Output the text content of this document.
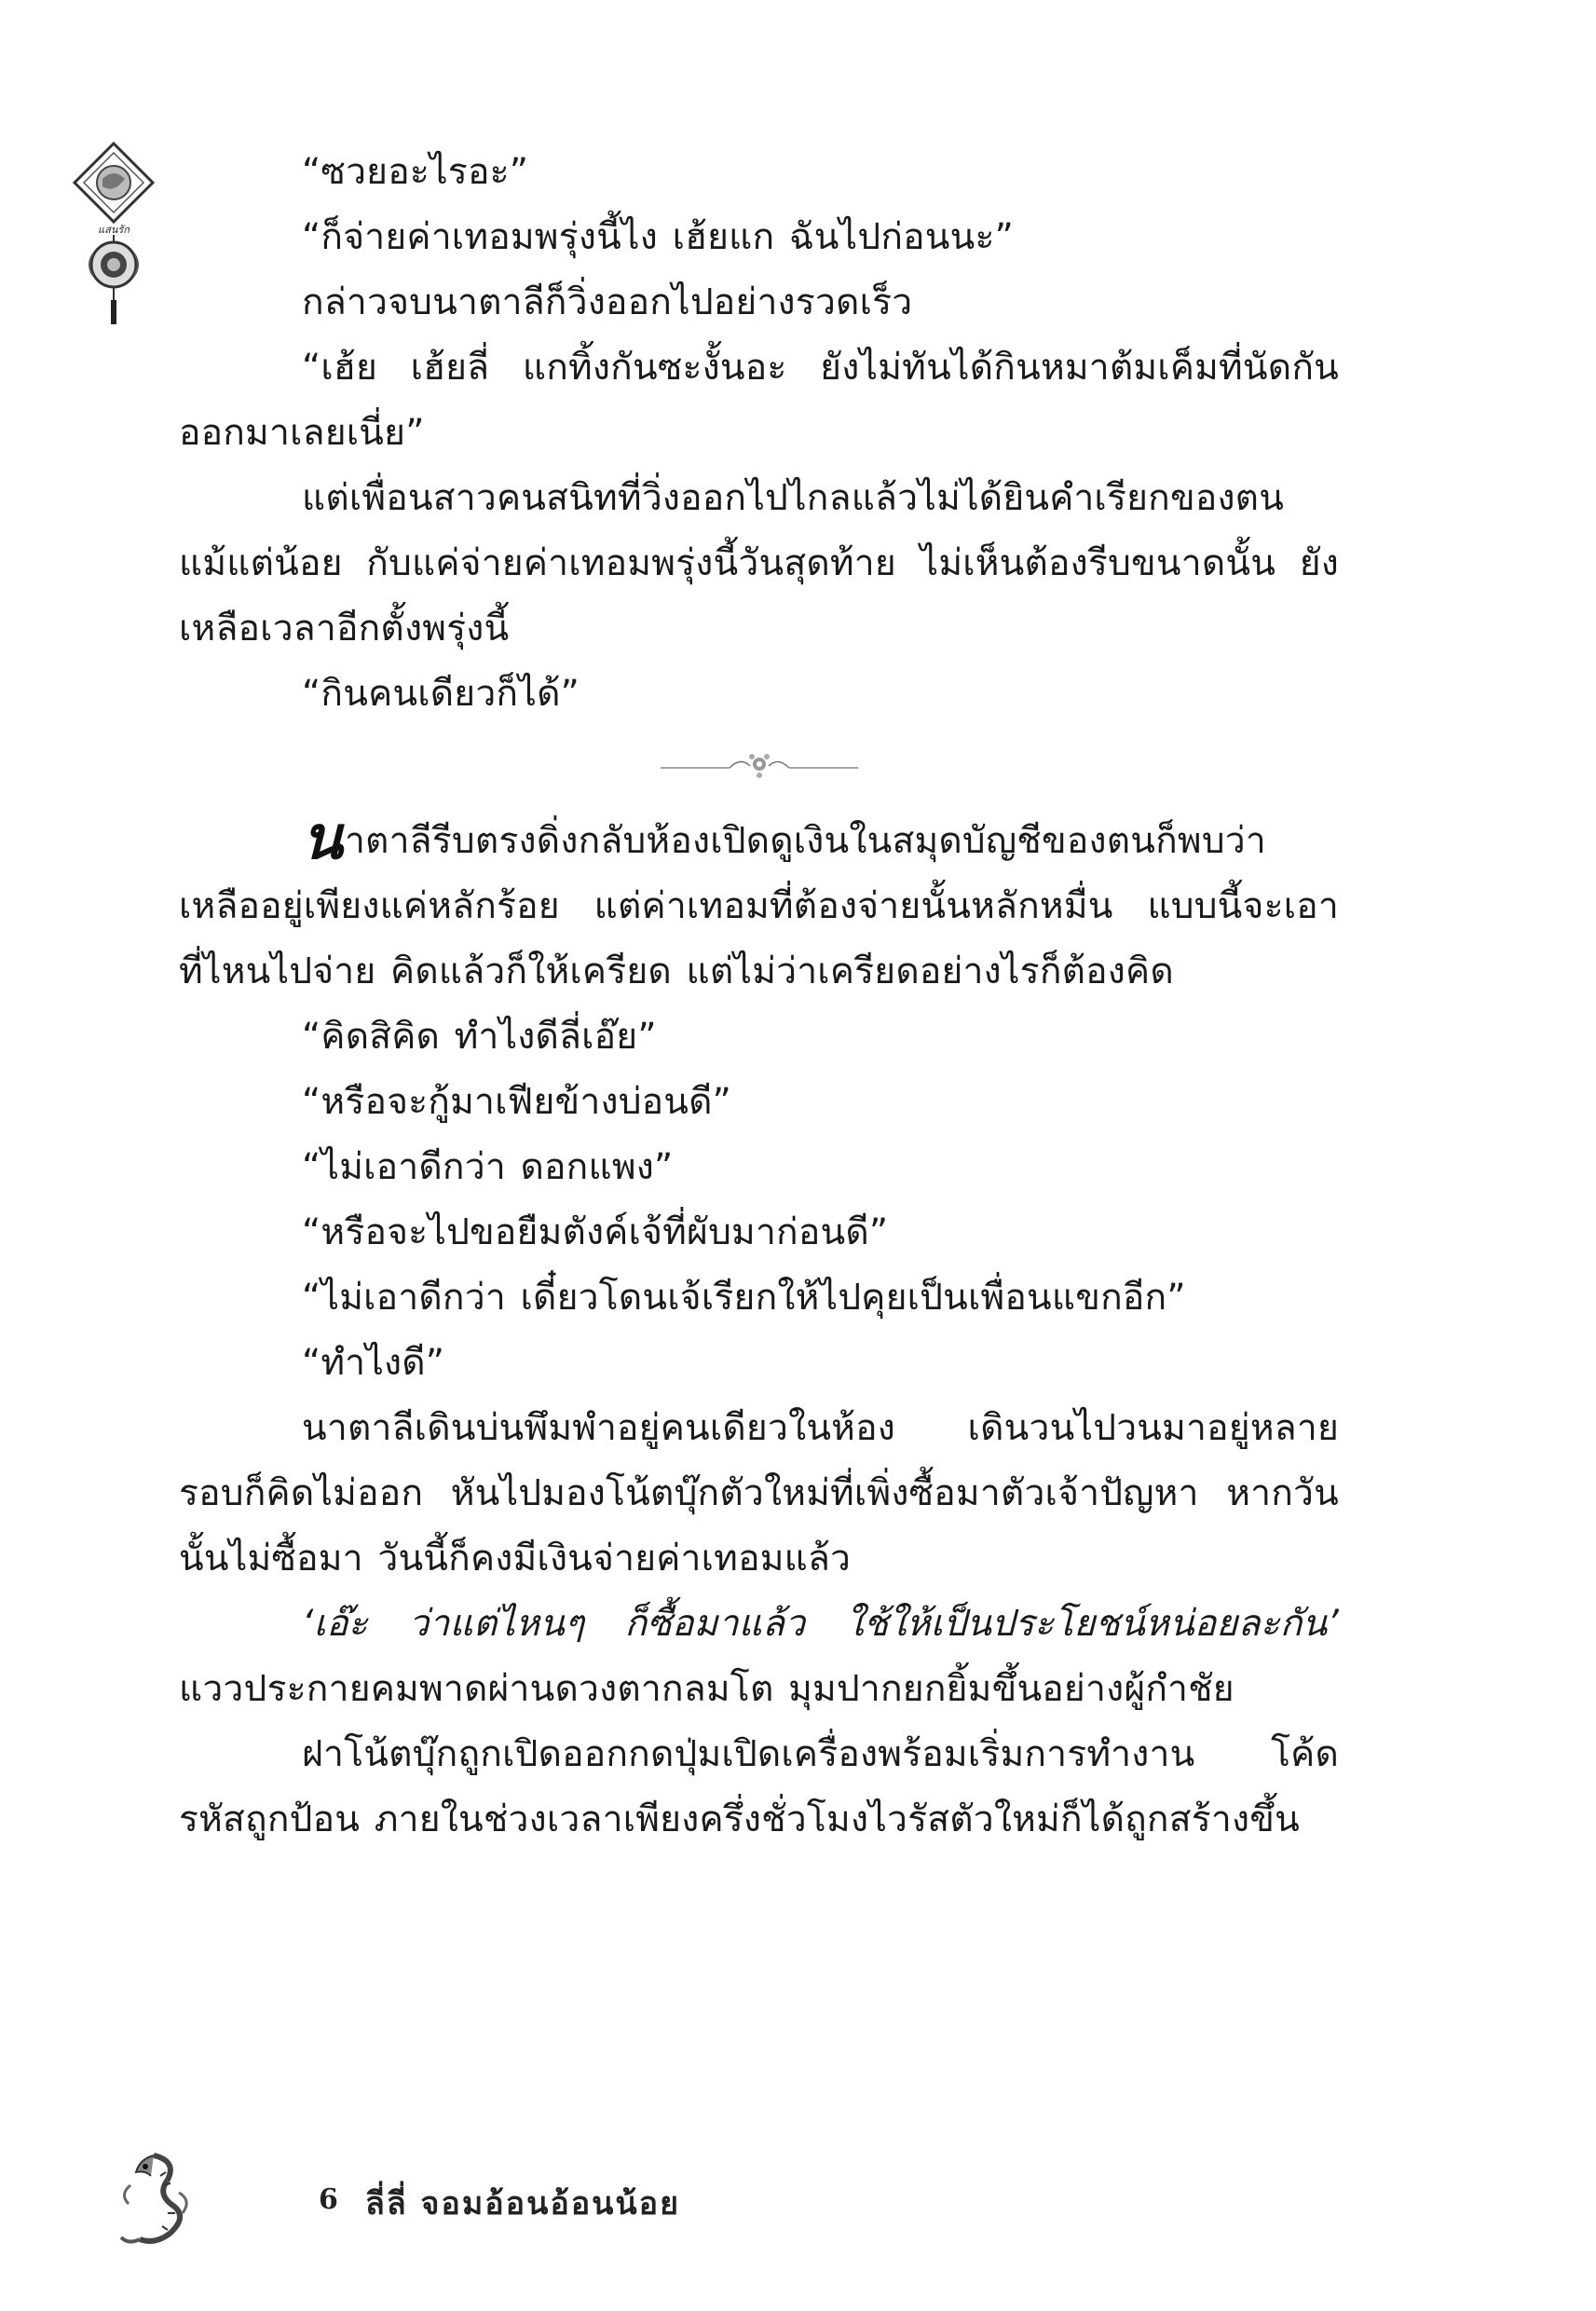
แสนรัก

“ซวยอะไรอะ”

“ก็จ่ายค่าเทอมพรุ่งนี้ไง เฮ้ยแก ฉันไปก่อนนะ”

กล่าวจบนาตาลีก็วิ่งออกไปอย่างรวดเร็ว

“เฮ้ย เฮ้ยลี่ แกทิ้งกันซะงั้นอะ ยังไม่ทันได้กินหมาต้มเค็มที่นัดกันออกมาเลยเนี่ย”

แต่เพื่อนสาวคนสนิทที่วิ่งออกไปไกลแล้วไม่ได้ยินคำเรียกของตนแม้แต่น้อย กับแค่จ่ายค่าเทอมพรุ่งนี้วันสุดท้าย ไม่เห็นต้องรีบขนาดนั้น ยังเหลือเวลาอีกตั้งพรุ่งนี้

“กินคนเดียวก็ได้”

นาตาลีรีบตรงดิ่งกลับห้องเปิดดูเงินในสมุดบัญชีของตนก็พบว่าเหลืออยู่เพียงแค่หลักร้อย แต่ค่าเทอมที่ต้องจ่ายนั้นหลักหมื่น แบบนี้จะเอาที่ไหนไปจ่าย คิดแล้วก็ให้เครียด แต่ไม่ว่าเครียดอย่างไรก็ต้องคิด

“คิดสิคิด ทำไงดีลี่เอ๊ย”

“หรือจะกู้มาเฟียข้างบ่อนดี”

“ไม่เอาดีกว่า ดอกแพง”

“หรือจะไปขอยืมตังค์เจ้ที่ผับมาก่อนดี”

“ไม่เอาดีกว่า เดี๋ยวโดนเจ้เรียกให้ไปคุยเป็นเพื่อนแขกอีก”

“ทำไงดี”

นาตาลีเดินบ่นพึมพำอยู่คนเดียวในห้อง เดินวนไปวนมาอยู่หลายรอบก็คิดไม่ออก หันไปมองโน้ตบุ๊กตัวใหม่ที่เพิ่งซื้อมาตัวเจ้าปัญหา หากวันนั้นไม่ซื้อมา วันนี้ก็คงมีเงินจ่ายค่าเทอมแล้ว

‘เอ๊ะ ว่าแต่ไหนๆ ก็ซื้อมาแล้ว ใช้ให้เป็นประโยชน์หน่อยละกัน’ แววประกายคมพาดผ่านดวงตากลมโต มุมปากยกยิ้มขึ้นอย่างผู้กำชัย

ฝาโน้ตบุ๊กถูกเปิดออกกดปุ่มเปิดเครื่องพร้อมเริ่มการทำงาน โค้ดรหัสถูกป้อน ภายในช่วงเวลาเพียงครึ่งชั่วโมงไวรัสตัวใหม่ก็ได้ถูกสร้างขึ้น

6 ลี่ลี่ จอมอ้อนอ้อนน้อย
